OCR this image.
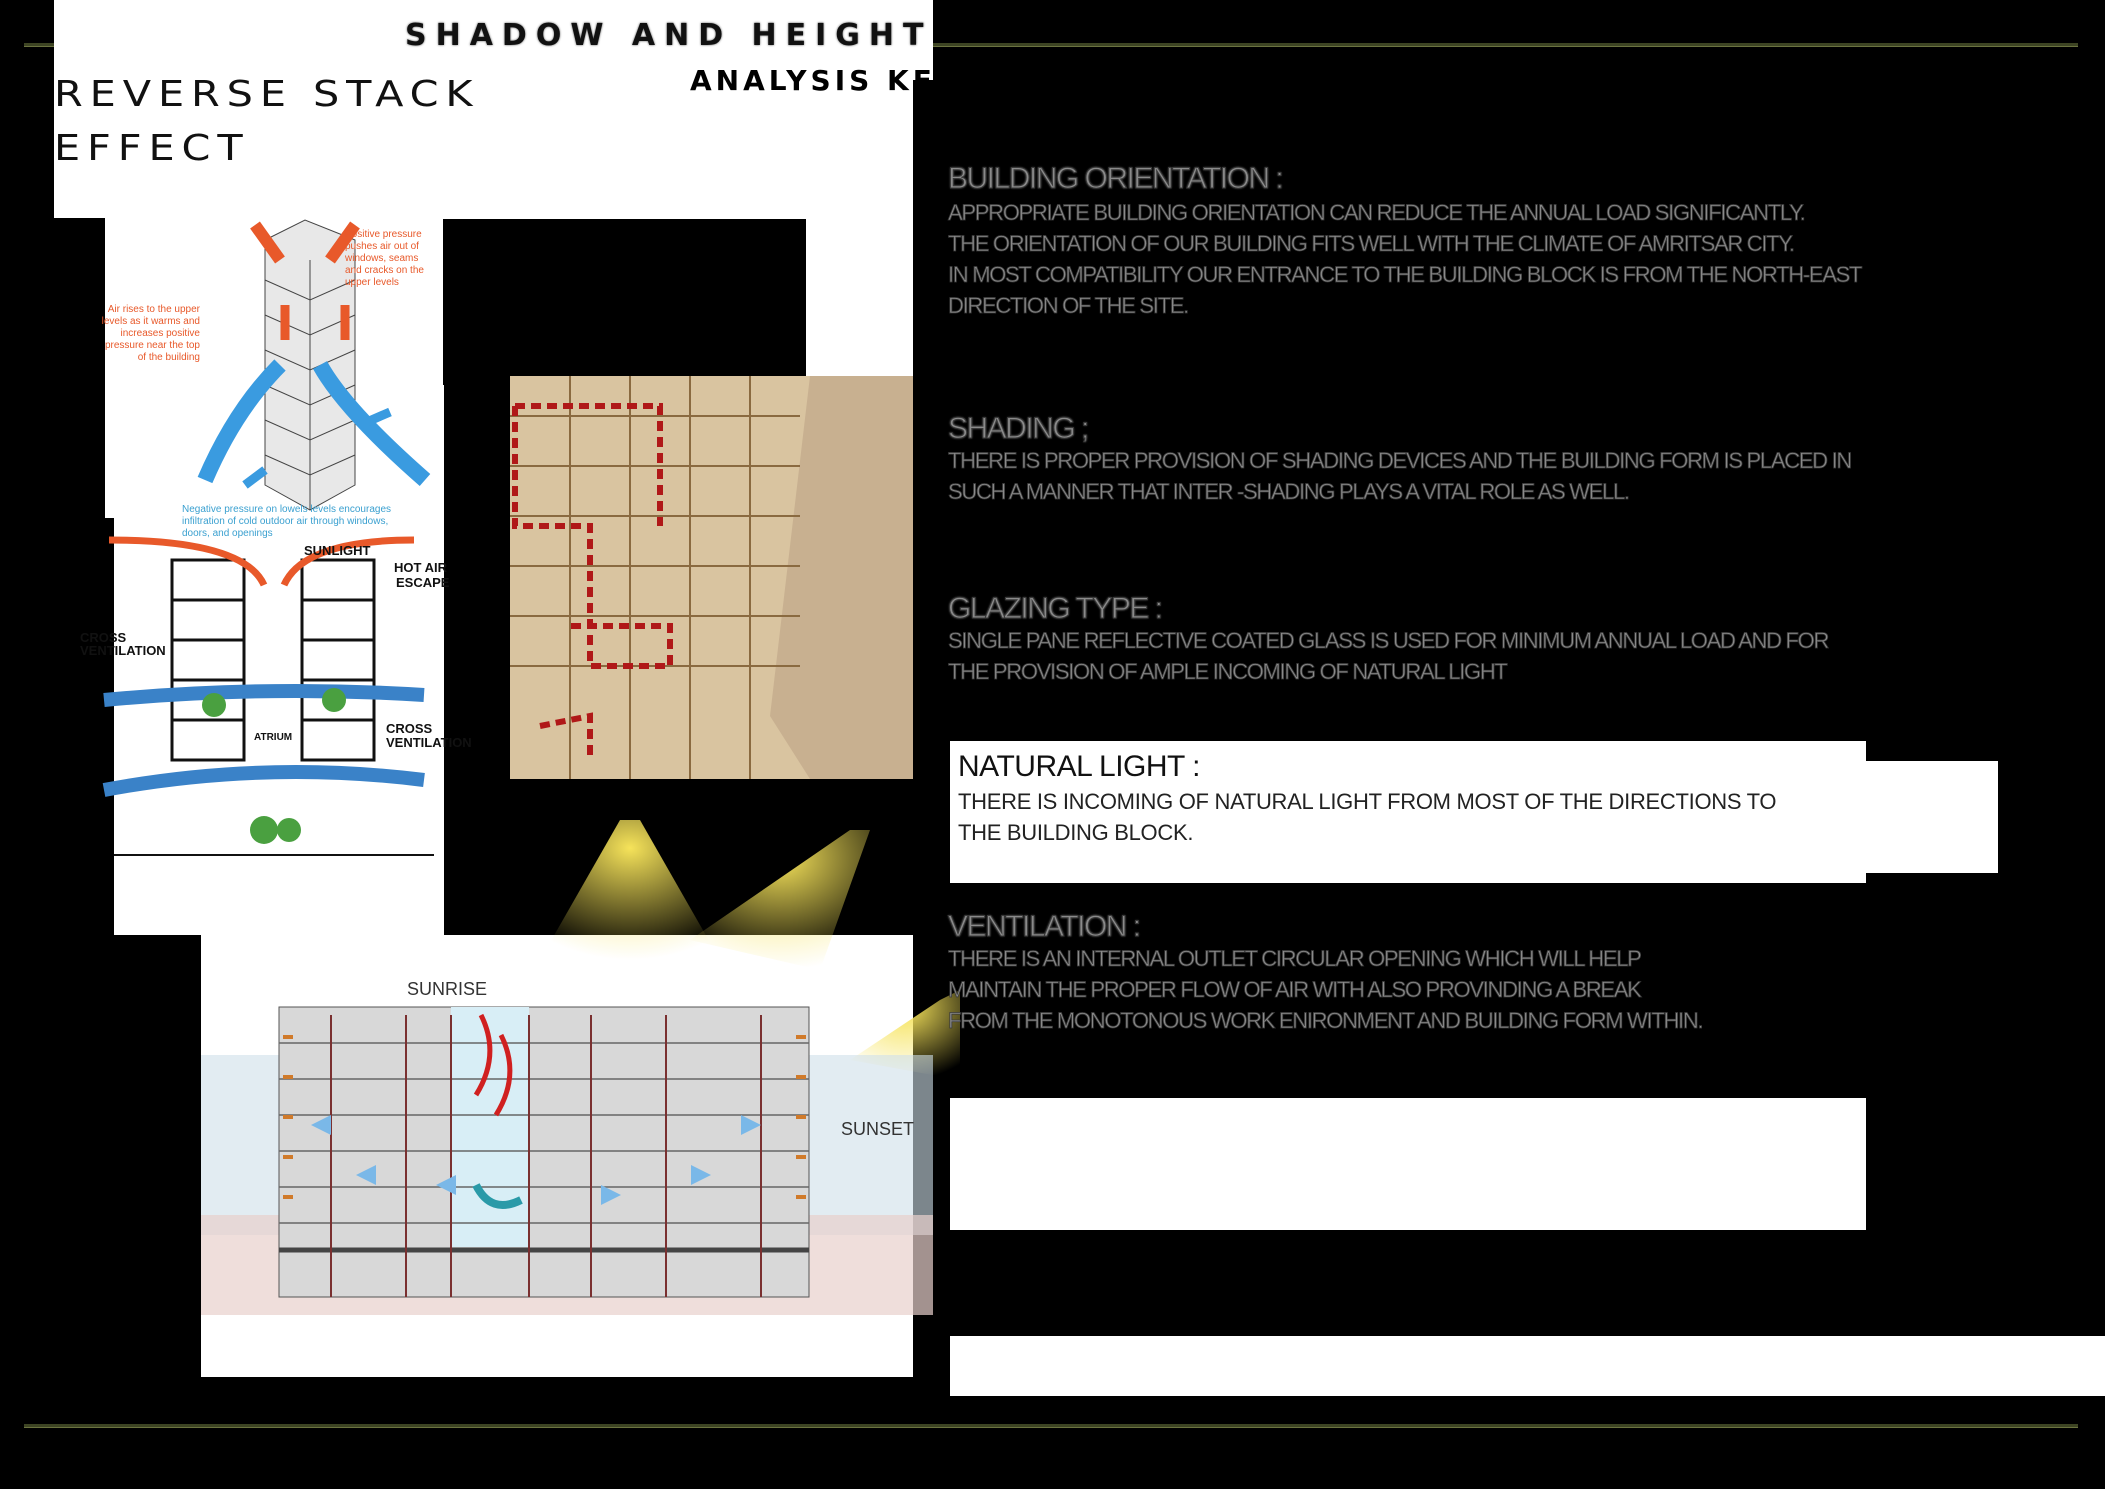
SHADOW AND HEIGHT
ANALYSIS KEY
REVERSE STACK
EFFECT
Positive pressure
pushes air out of
windows, seams
and cracks on the
upper levels
Air rises to the upper
levels as it warms and
increases positive
pressure near the top
of the building
Negative pressure on lowels levels encourages
infiltration of cold outdoor air through windows,
doors, and openings
SUNLIGHT
HOT AIR
ESCAPE
CROSS
VENTILATION
CROSS
VENTILATION
ATRIUM
SUNRISE
SUNSET
BUILDING ORIENTATION :
APPROPRIATE BUILDING ORIENTATION CAN REDUCE THE ANNUAL LOAD SIGNIFICANTLY.
THE ORIENTATION OF OUR BUILDING FITS WELL WITH THE CLIMATE OF AMRITSAR CITY.
IN MOST COMPATIBILITY OUR ENTRANCE TO THE BUILDING BLOCK IS FROM THE NORTH-EAST
DIRECTION OF THE SITE.
SHADING ;
THERE IS PROPER PROVISION OF SHADING DEVICES AND THE BUILDING FORM IS PLACED IN
SUCH A MANNER THAT INTER -SHADING PLAYS A VITAL ROLE AS WELL.
GLAZING TYPE :
SINGLE PANE REFLECTIVE COATED GLASS IS USED FOR MINIMUM ANNUAL LOAD AND FOR
THE PROVISION OF AMPLE INCOMING OF NATURAL LIGHT
NATURAL LIGHT :
THERE IS INCOMING OF NATURAL LIGHT FROM MOST OF THE DIRECTIONS TO
THE BUILDING BLOCK.
VENTILATION :
THERE IS AN INTERNAL OUTLET CIRCULAR OPENING WHICH WILL HELP
MAINTAIN THE PROPER FLOW OF AIR WITH ALSO PROVINDING A BREAK
FROM THE MONOTONOUS WORK ENIRONMENT AND BUILDING FORM WITHIN.
